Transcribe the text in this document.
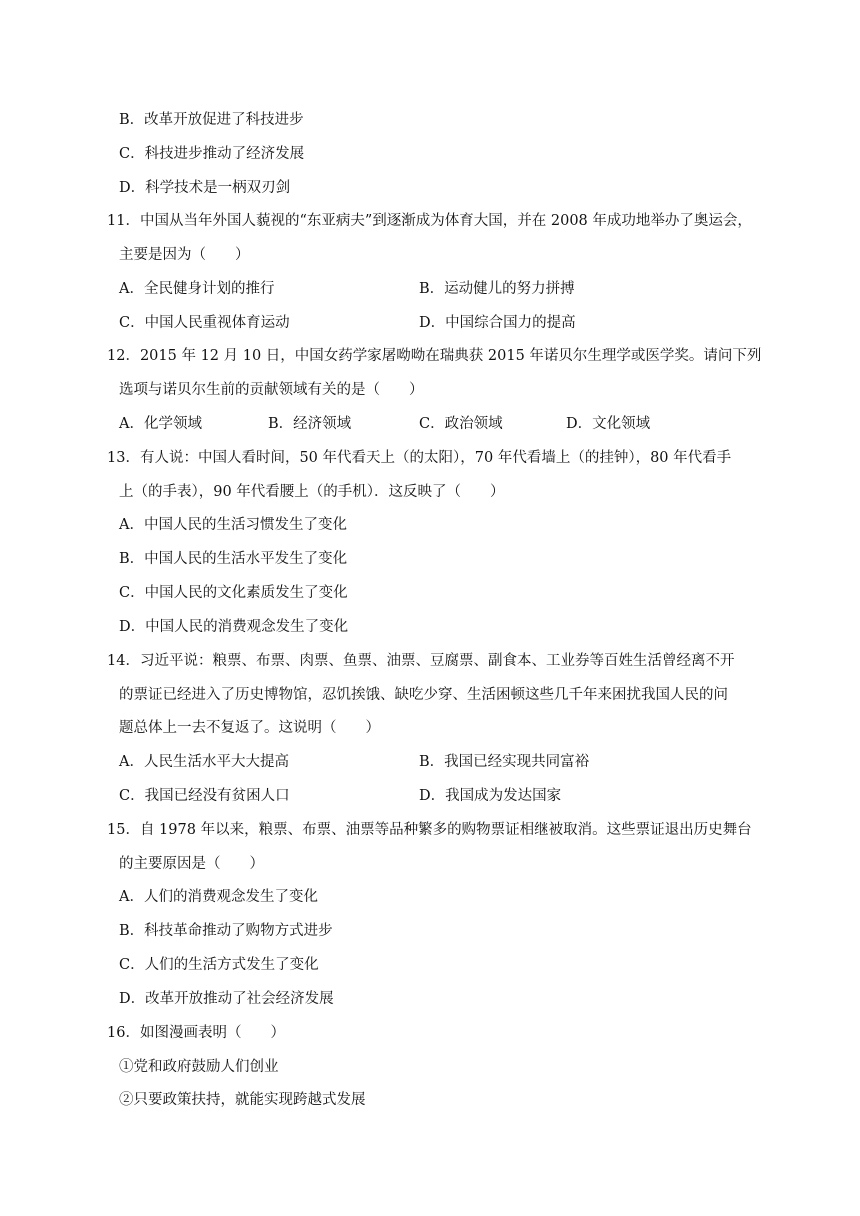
B．改革开放促进了科技进步
C．科技进步推动了经济发展
D．科学技术是一柄双刃剑
11．中国从当年外国人藐视的“东亚病夫”到逐渐成为体育大国，并在 2008 年成功地举办了奥运会，
主要是因为（　　）
A．全民健身计划的推行	B．运动健儿的努力拼搏
C．中国人民重视体育运动	D．中国综合国力的提高
12．2015 年 12 月 10 日，中国女药学家屠呦呦在瑞典获 2015 年诺贝尔生理学或医学奖。请问下列
选项与诺贝尔生前的贡献领域有关的是（　　）
A．化学领域	B．经济领域	C．政治领域	D．文化领域
13．有人说：中国人看时间，50 年代看天上（的太阳），70 年代看墙上（的挂钟），80 年代看手
上（的手表），90 年代看腰上（的手机）．这反映了（　　）
A．中国人民的生活习惯发生了变化
B．中国人民的生活水平发生了变化
C．中国人民的文化素质发生了变化
D．中国人民的消费观念发生了变化
14．习近平说：粮票、布票、肉票、鱼票、油票、豆腐票、副食本、工业券等百姓生活曾经离不开
的票证已经进入了历史博物馆，忍饥挨饿、缺吃少穿、生活困顿这些几千年来困扰我国人民的问
题总体上一去不复返了。这说明（　　）
A．人民生活水平大大提高	B．我国已经实现共同富裕
C．我国已经没有贫困人口	D．我国成为发达国家
15．自 1978 年以来，粮票、布票、油票等品种繁多的购物票证相继被取消。这些票证退出历史舞台
的主要原因是（　　）
A．人们的消费观念发生了变化
B．科技革命推动了购物方式进步
C．人们的生活方式发生了变化
D．改革开放推动了社会经济发展
16．如图漫画表明（　　）
①党和政府鼓励人们创业
②只要政策扶持，就能实现跨越式发展
